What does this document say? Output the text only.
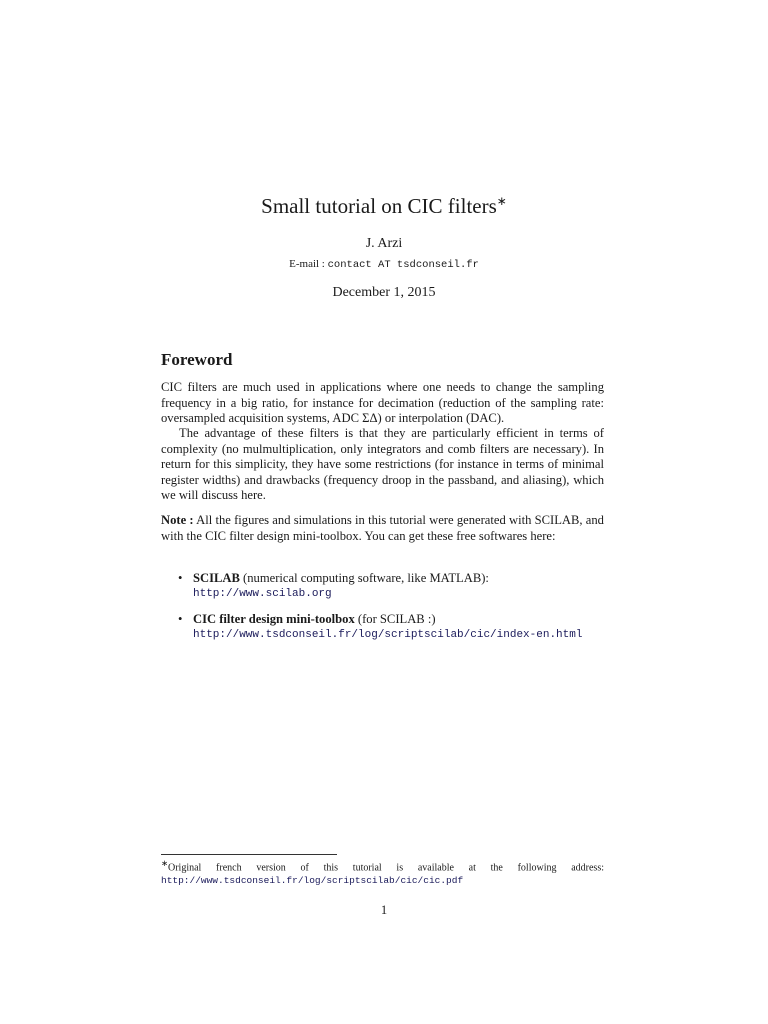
Small tutorial on CIC filters∗
J. Arzi
E-mail : contact AT tsdconseil.fr
December 1, 2015
Foreword
CIC filters are much used in applications where one needs to change the sampling frequency in a big ratio, for instance for decimation (reduction of the sampling rate: oversampled acquisition systems, ADC ΣΔ) or interpolation (DAC).
The advantage of these filters is that they are particularly efficient in terms of complexity (no mulmultiplication, only integrators and comb filters are necessary). In return for this simplicity, they have some restrictions (for instance in terms of minimal register widths) and drawbacks (frequency droop in the passband, and aliasing), which we will discuss here.
Note : All the figures and simulations in this tutorial were generated with SCILAB, and with the CIC filter design mini-toolbox. You can get these free softwares here:
• SCILAB (numerical computing software, like MATLAB):
http://www.scilab.org
• CIC filter design mini-toolbox (for SCILAB :)
http://www.tsdconseil.fr/log/scriptscilab/cic/index-en.html
∗Original french version of this tutorial is available at the following address: http://www.tsdconseil.fr/log/scriptscilab/cic/cic.pdf
1
